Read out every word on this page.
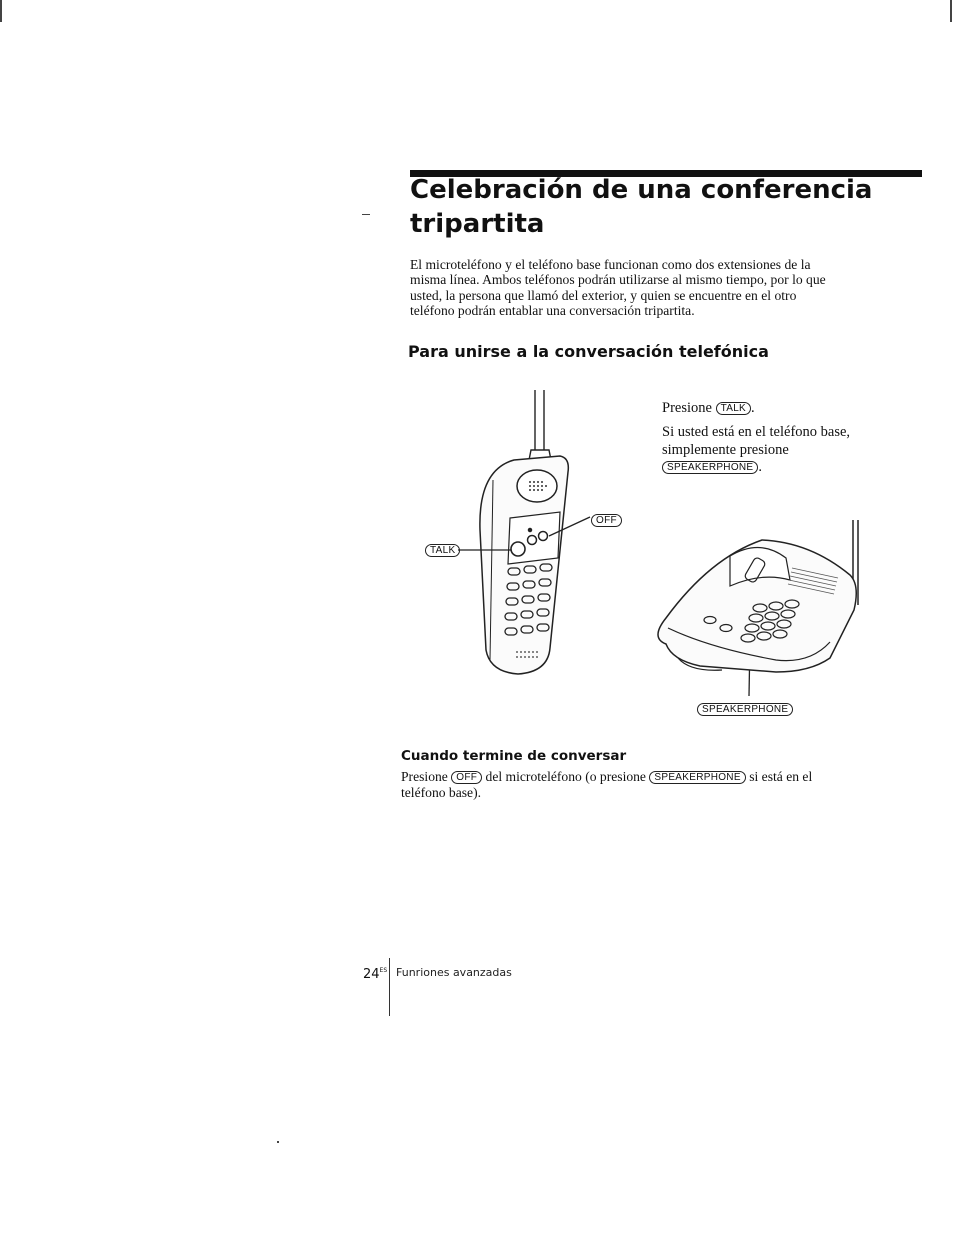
Celebración de una conferencia tripartita

El microteléfono y el teléfono base funcionan como dos extensiones de la misma línea. Ambos teléfonos podrán utilizarse al mismo tiempo, por lo que usted, la persona que llamó del exterior, y quien se encuentre en el otro teléfono podrán entablar una conversación tripartita.

Para unirse a la conversación telefónica
Presione TALK .

Si usted está en el teléfono base, simplemente presione
SPEAKERPHONE .

TALK
OFF
SPEAKERPHONE
Cuando termine de conversar

Presione OFF del microteléfono (o presione SPEAKERPHONE si está en el teléfono base).

$24^{ES}$ Funriones avanzadas
